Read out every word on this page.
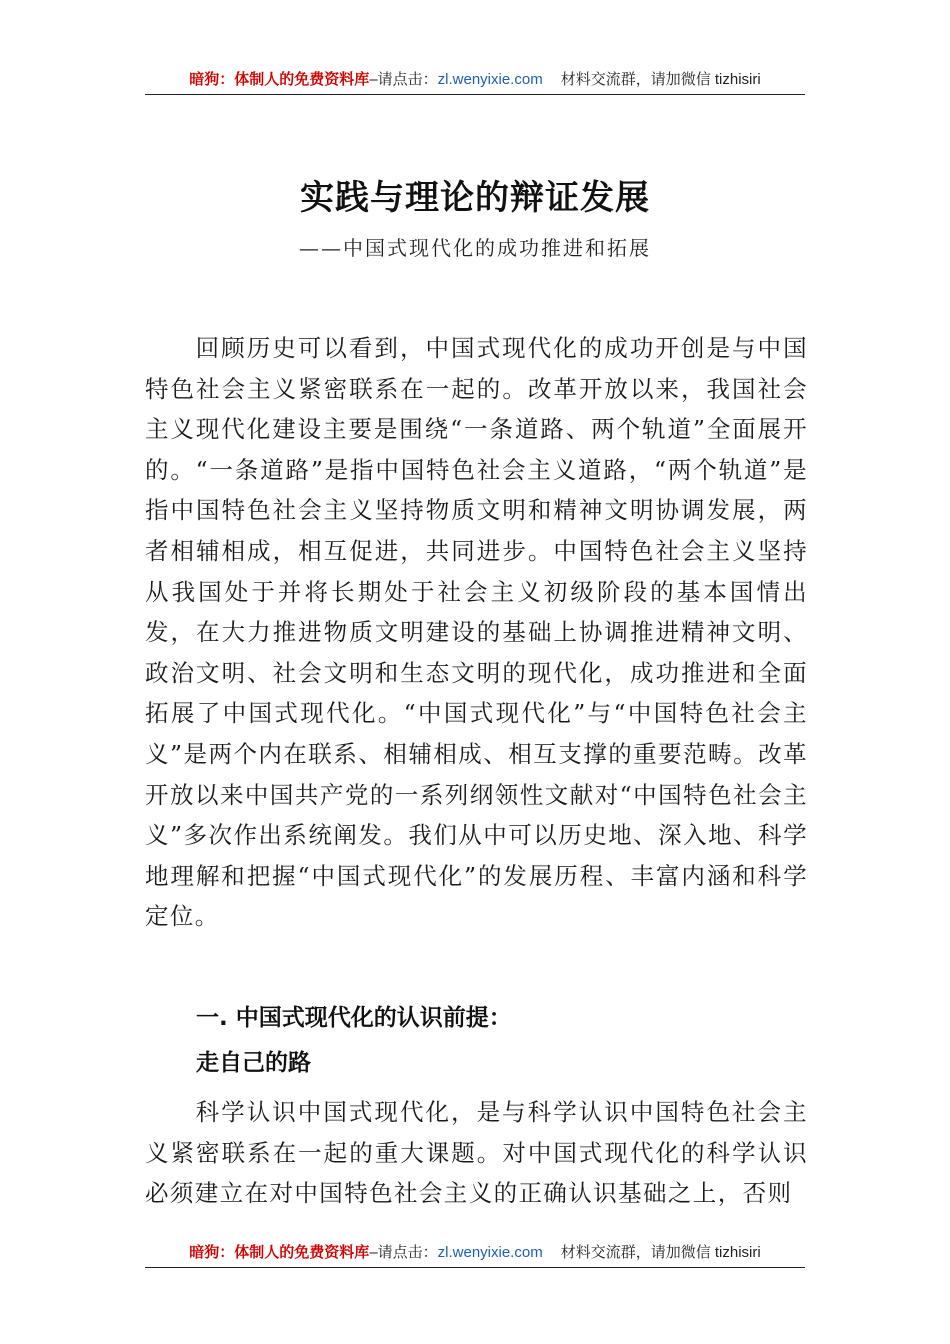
暗狗：体制人的免费资料库–请点击：zl.wenyixie.com 材料交流群，请加微信 tizhisiri
实践与理论的辩证发展
——中国式现代化的成功推进和拓展

回顾历史可以看到，中国式现代化的成功开创是与中国特色社会主义紧密联系在一起的。改革开放以来，我国社会主义现代化建设主要是围绕“一条道路、两个轨道”全面展开的。“一条道路”是指中国特色社会主义道路，“两个轨道”是指中国特色社会主义坚持物质文明和精神文明协调发展，两者相辅相成，相互促进，共同进步。中国特色社会主义坚持从我国处于并将长期处于社会主义初级阶段的基本国情出发，在大力推进物质文明建设的基础上协调推进精神文明、政治文明、社会文明和生态文明的现代化，成功推进和全面拓展了中国式现代化。“中国式现代化”与“中国特色社会主义”是两个内在联系、相辅相成、相互支撑的重要范畴。改革开放以来中国共产党的一系列纲领性文献对“中国特色社会主义”多次作出系统阐发。我们从中可以历史地、深入地、科学地理解和把握“中国式现代化”的发展历程、丰富内涵和科学定位。

一. 中国式现代化的认识前提：
走自己的路

科学认识中国式现代化，是与科学认识中国特色社会主义紧密联系在一起的重大课题。对中国式现代化的科学认识必须建立在对中国特色社会主义的正确认识基础之上，否则

暗狗：体制人的免费资料库–请点击：zl.wenyixie.com 材料交流群，请加微信 tizhisiri
